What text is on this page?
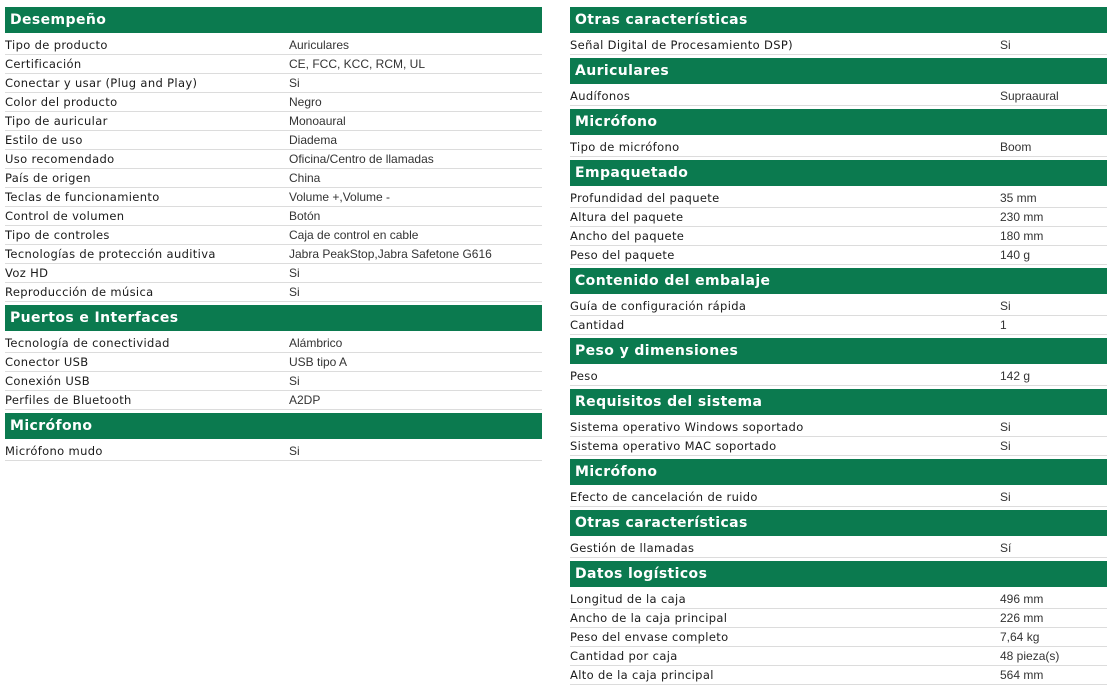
Desempeño
Tipo de producto	Auriculares
Certificación	CE, FCC, KCC, RCM, UL
Conectar y usar (Plug and Play)	Si
Color del producto	Negro
Tipo de auricular	Monoaural
Estilo de uso	Diadema
Uso recomendado	Oficina/Centro de llamadas
País de origen	China
Teclas de funcionamiento	Volume +,Volume -
Control de volumen	Botón
Tipo de controles	Caja de control en cable
Tecnologías de protección auditiva	Jabra PeakStop,Jabra Safetone G616
Voz HD	Si
Reproducción de música	Si
Puertos e Interfaces
Tecnología de conectividad	Alámbrico
Conector USB	USB tipo A
Conexión USB	Si
Perfiles de Bluetooth	A2DP
Micrófono
Micrófono mudo	Si
Otras características
Señal Digital de Procesamiento DSP)	Si
Auriculares
Audífonos	Supraaural
Micrófono
Tipo de micrófono	Boom
Empaquetado
Profundidad del paquete	35 mm
Altura del paquete	230 mm
Ancho del paquete	180 mm
Peso del paquete	140 g
Contenido del embalaje
Guía de configuración rápida	Si
Cantidad	1
Peso y dimensiones
Peso	142 g
Requisitos del sistema
Sistema operativo Windows soportado	Si
Sistema operativo MAC soportado	Si
Micrófono
Efecto de cancelación de ruido	Si
Otras características
Gestión de llamadas	Sí
Datos logísticos
Longitud de la caja	496 mm
Ancho de la caja principal	226 mm
Peso del envase completo	7,64 kg
Cantidad por caja	48 pieza(s)
Alto de la caja principal	564 mm
